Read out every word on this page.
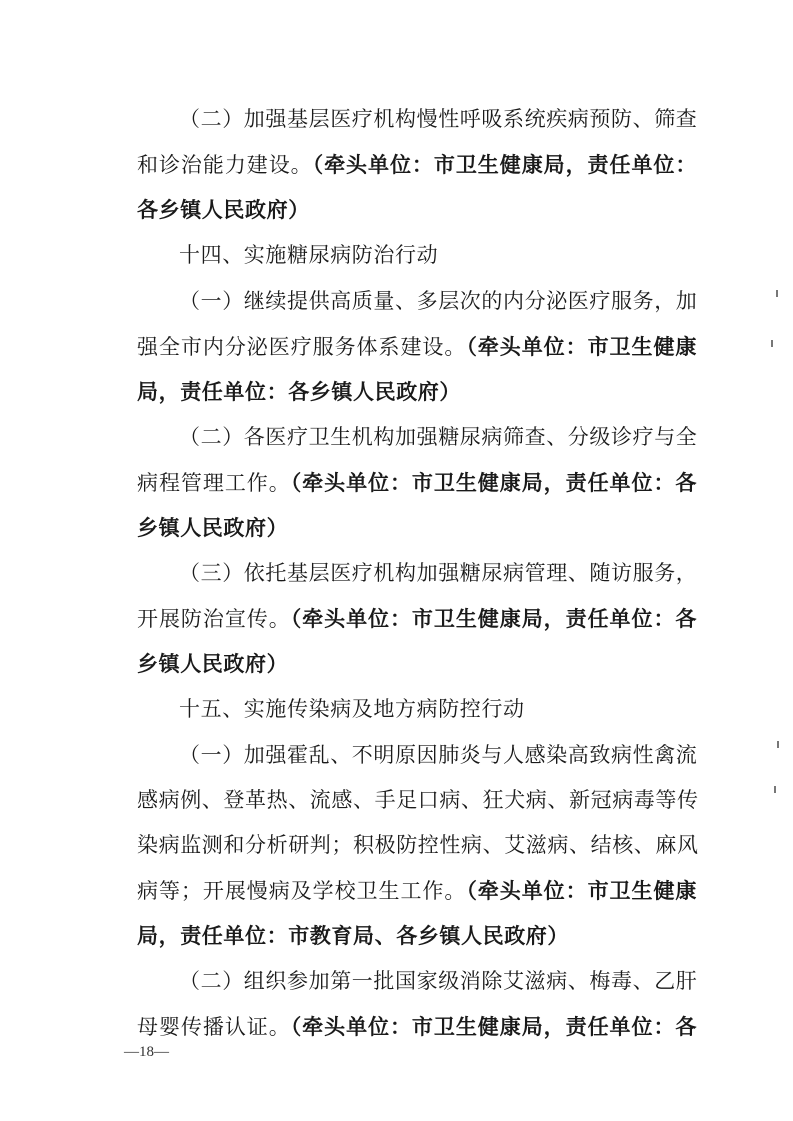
（二）加强基层医疗机构慢性呼吸系统疾病预防、筛查
和诊治能力建设。（牵头单位：市卫生健康局，责任单位：
各乡镇人民政府）
十四、实施糖尿病防治行动
（一）继续提供高质量、多层次的内分泌医疗服务，加
强全市内分泌医疗服务体系建设。（牵头单位：市卫生健康
局，责任单位：各乡镇人民政府）
（二）各医疗卫生机构加强糖尿病筛查、分级诊疗与全
病程管理工作。（牵头单位：市卫生健康局，责任单位：各
乡镇人民政府）
（三）依托基层医疗机构加强糖尿病管理、随访服务，
开展防治宣传。（牵头单位：市卫生健康局，责任单位：各
乡镇人民政府）
十五、实施传染病及地方病防控行动
（一）加强霍乱、不明原因肺炎与人感染高致病性禽流
感病例、登革热、流感、手足口病、狂犬病、新冠病毒等传
染病监测和分析研判；积极防控性病、艾滋病、结核、麻风
病等；开展慢病及学校卫生工作。（牵头单位：市卫生健康
局，责任单位：市教育局、各乡镇人民政府）
（二）组织参加第一批国家级消除艾滋病、梅毒、乙肝
母婴传播认证。（牵头单位：市卫生健康局，责任单位：各
—18—
